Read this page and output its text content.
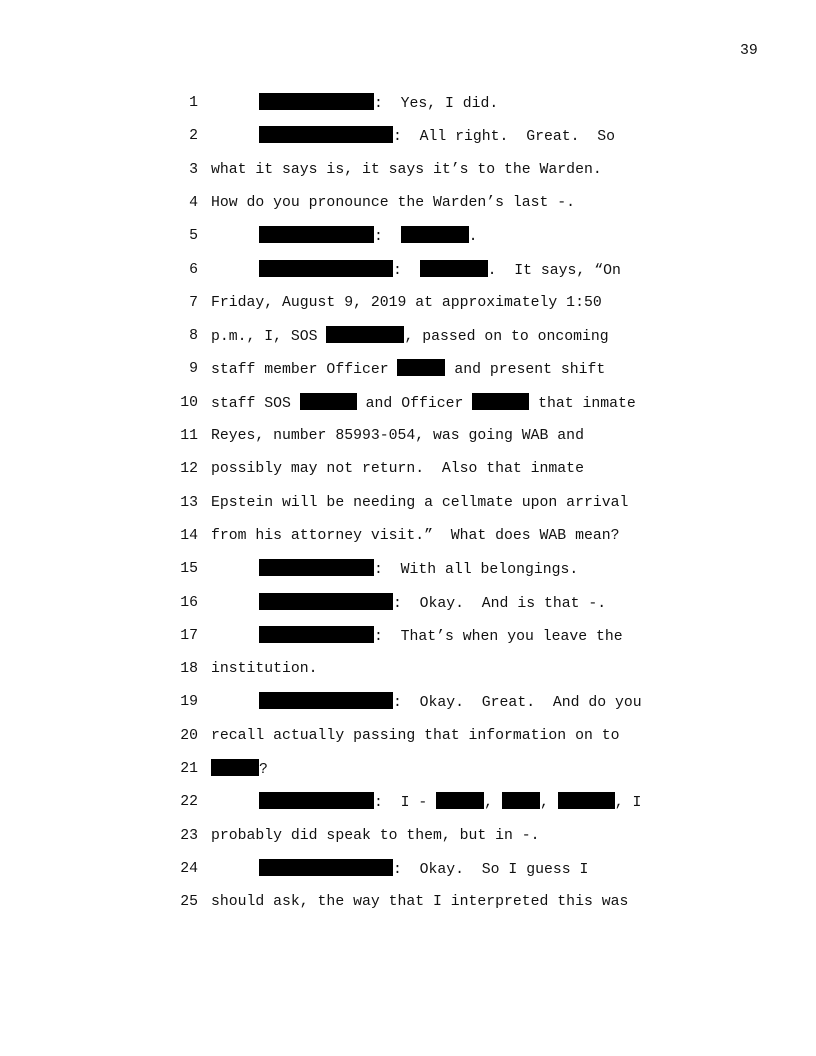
39
1	:  Yes, I did.
2	:  All right.  Great.  So
3 what it says is, it says it’s to the Warden.
4 How do you pronounce the Warden’s last -.
5	:	.
6	:	.  It says, “On
7 Friday, August 9, 2019 at approximately 1:50
8 p.m., I, SOS	, passed on to oncoming
9 staff member Officer	and present shift
10 staff SOS	and Officer	that inmate
11 Reyes, number 85993-054, was going WAB and
12 possibly may not return.  Also that inmate
13 Epstein will be needing a cellmate upon arrival
14 from his attorney visit.”  What does WAB mean?
15	:  With all belongings.
16	:  Okay.  And is that -.
17	:  That’s when you leave the
18 institution.
19	:  Okay.  Great.  And do you
20 recall actually passing that information on to
21	?
22	:  I -	,	,	, I
23 probably did speak to them, but in -.
24	:  Okay.  So I guess I
25 should ask, the way that I interpreted this was
